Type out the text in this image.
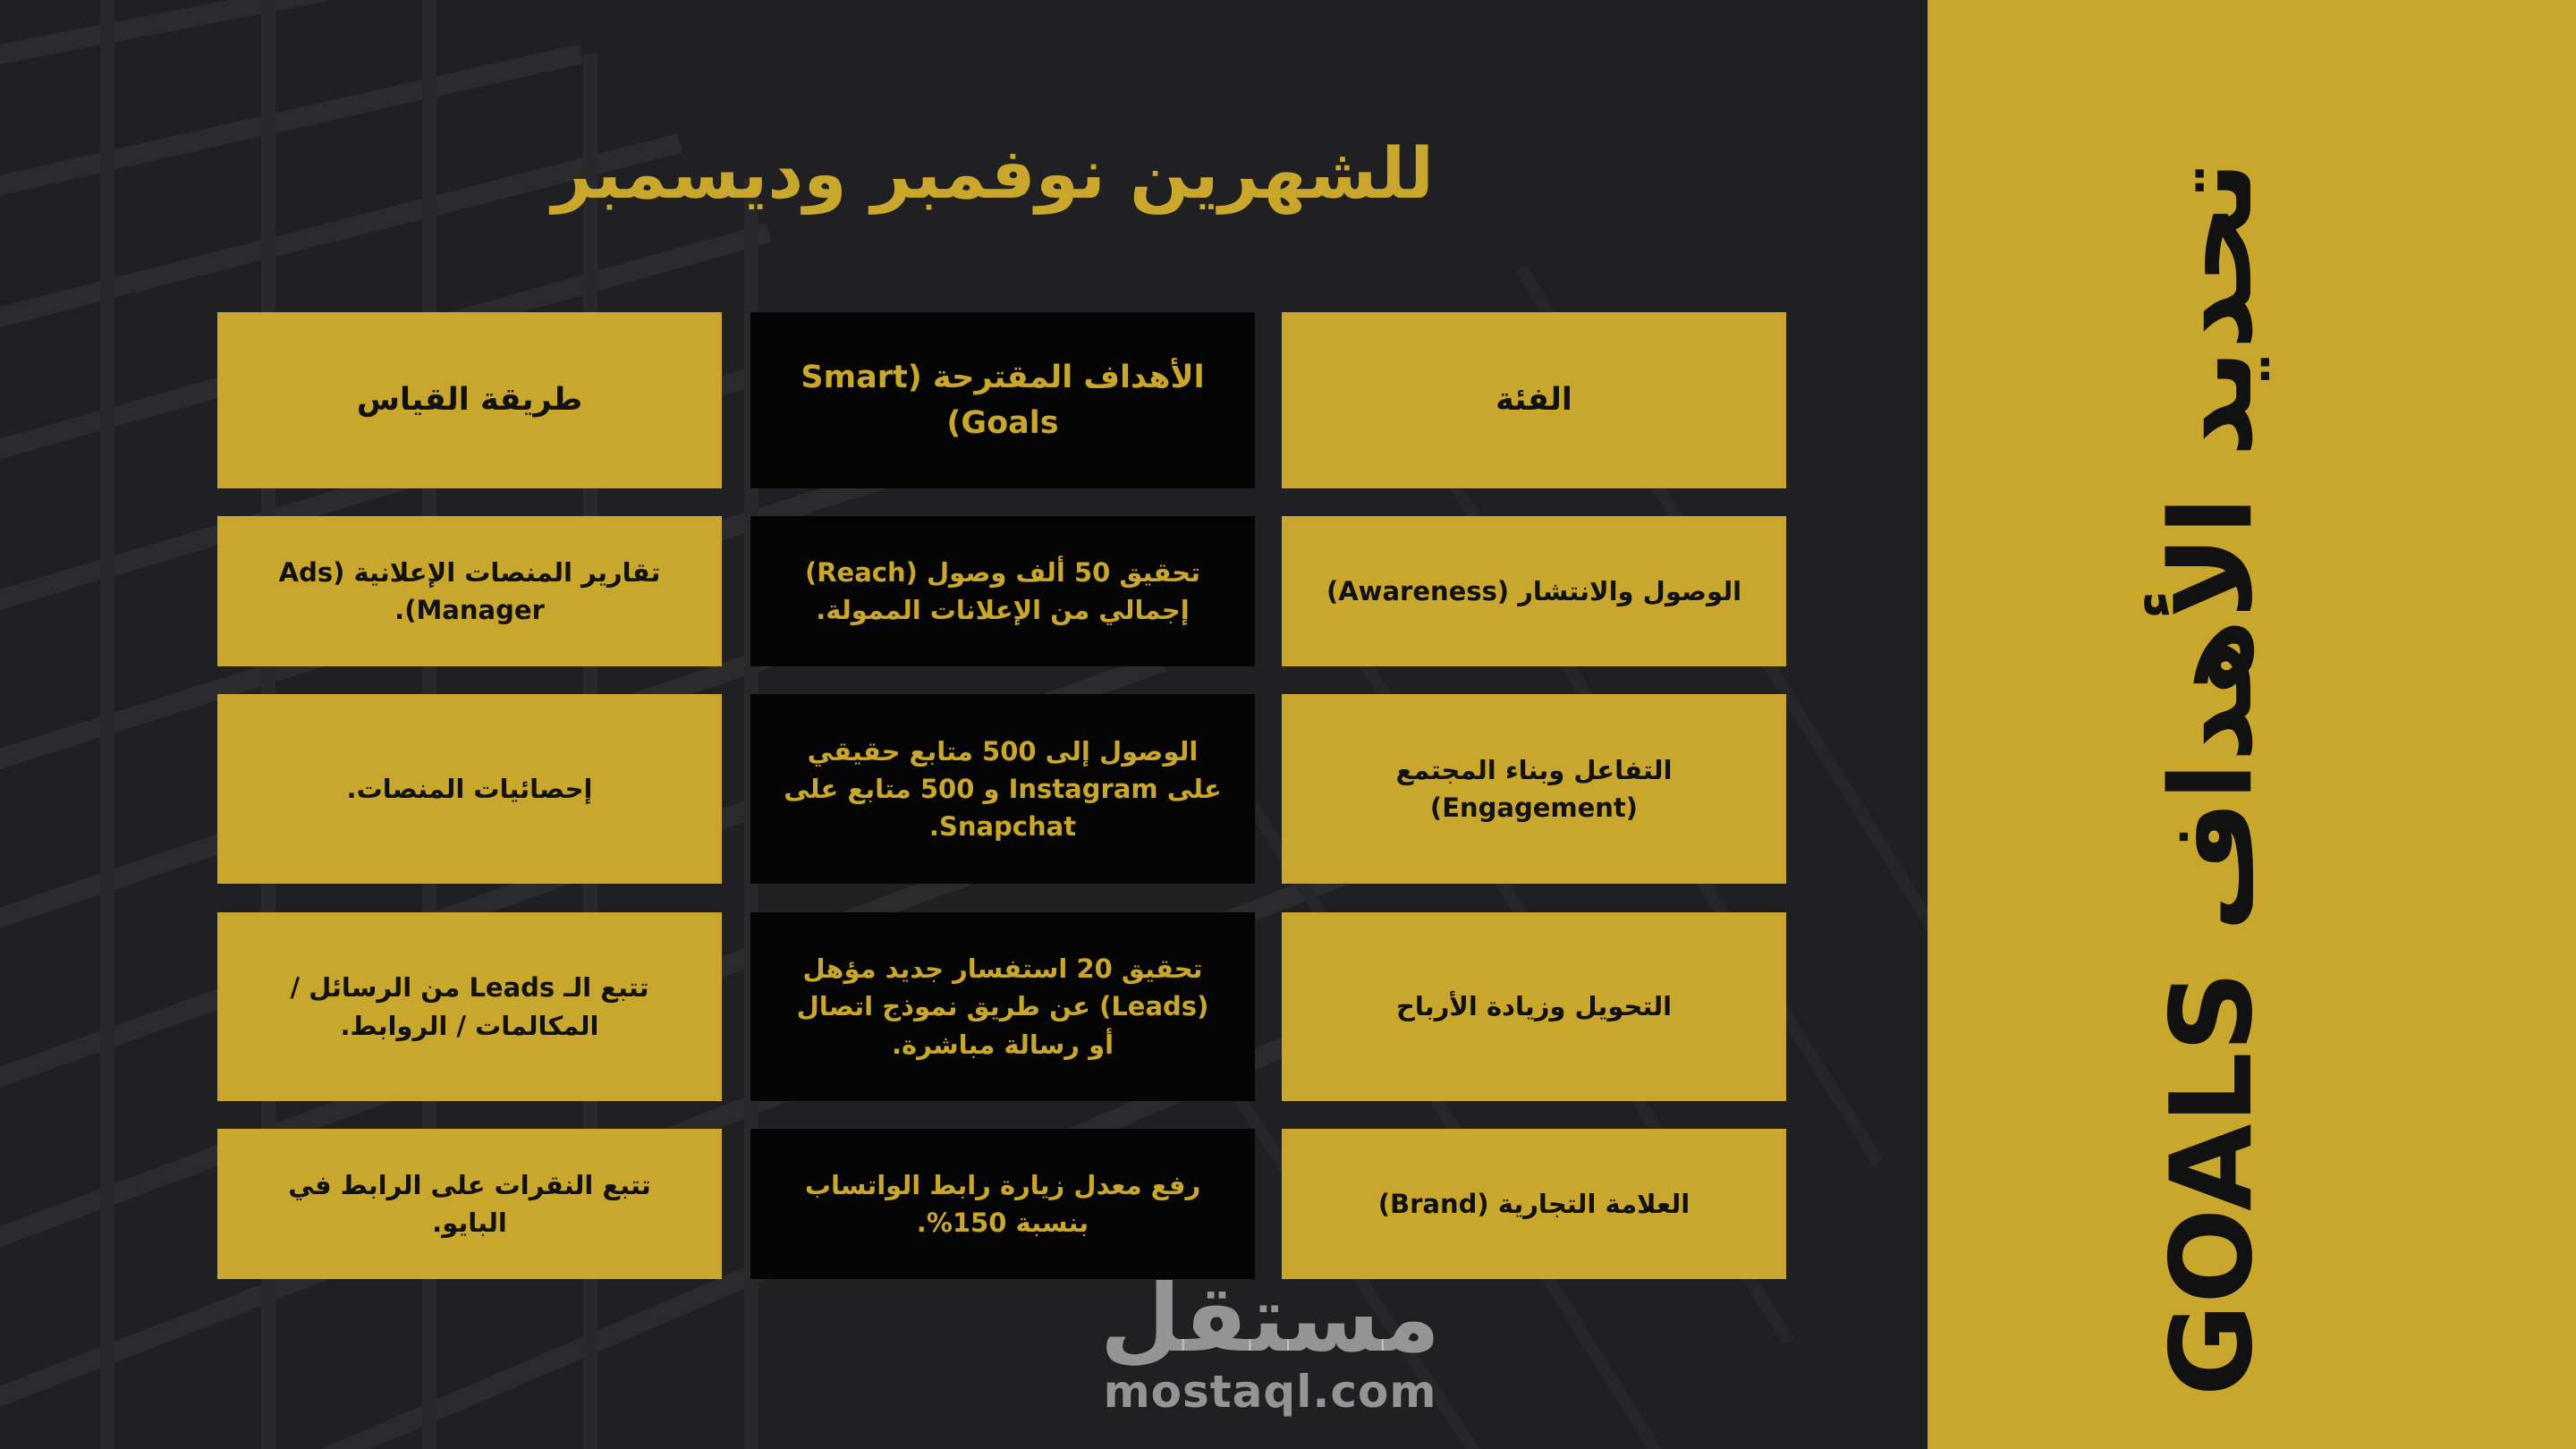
تحديد الأهداف GOALS
للشهرين نوفمبر وديسمبر
الفئة
الأهداف المقترحة (Smart Goals)
طريقة القياس
الوصول والانتشار (Awareness)
تحقيق 50 ألف وصول (Reach) إجمالي من الإعلانات الممولة.
تقارير المنصات الإعلانية (Ads Manager).
التفاعل وبناء المجتمع (Engagement)
الوصول إلى 500 متابع حقيقي على Instagram و 500 متابع على Snapchat.
إحصائيات المنصات.
التحويل وزيادة الأرباح
تحقيق 20 استفسار جديد مؤهل (Leads) عن طريق نموذج اتصال أو رسالة مباشرة.
تتبع الـ Leads من الرسائل / المكالمات / الروابط.
العلامة التجارية (Brand)
رفع معدل زيارة رابط الواتساب بنسبة 150%.
تتبع النقرات على الرابط في البايو.
مستقل
mostaql.com
